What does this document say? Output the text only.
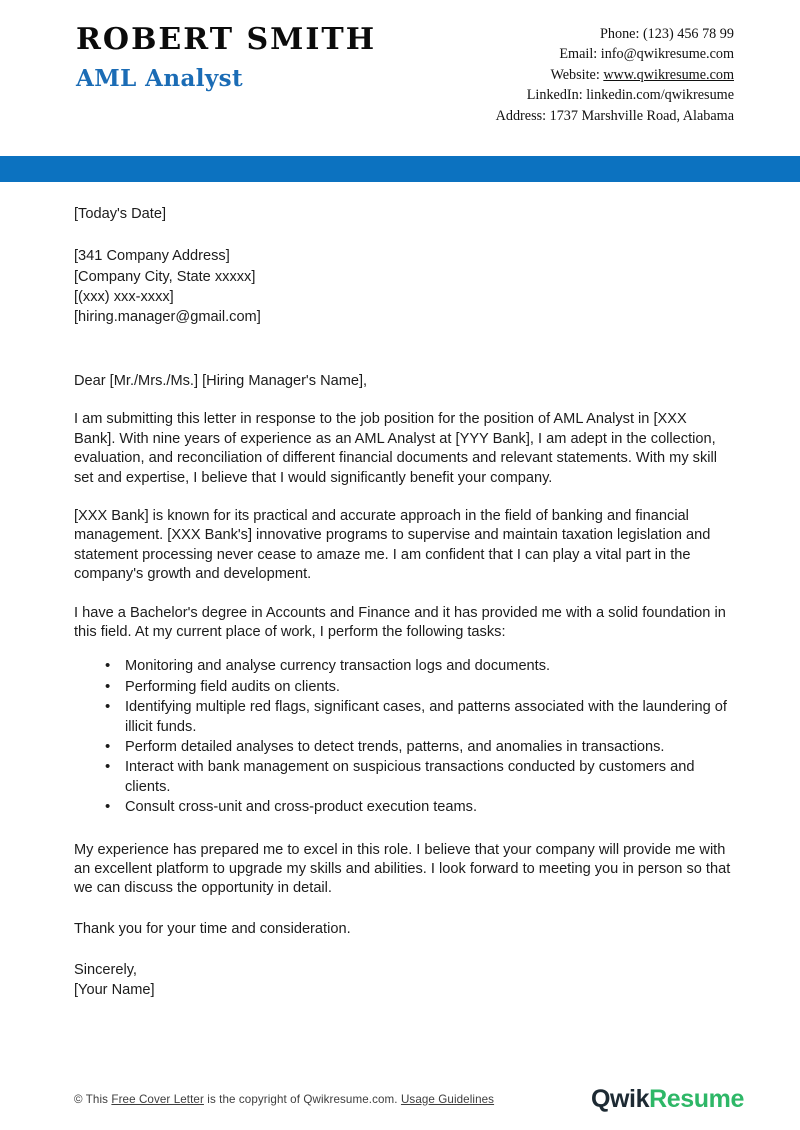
ROBERT SMITH
AML Analyst
Phone: (123) 456 78 99
Email: info@qwikresume.com
Website: www.qwikresume.com
LinkedIn: linkedin.com/qwikresume
Address: 1737 Marshville Road, Alabama
[Today's Date]
[341 Company Address]
[Company City, State xxxxx]
[(xxx) xxx-xxxx]
[hiring.manager@gmail.com]
Dear [Mr./Mrs./Ms.] [Hiring Manager's Name],
I am submitting this letter in response to the job position for the position of AML Analyst in [XXX Bank]. With nine years of experience as an AML Analyst at [YYY Bank], I am adept in the collection, evaluation, and reconciliation of different financial documents and relevant statements. With my skill set and expertise, I believe that I would significantly benefit your company.
[XXX Bank] is known for its practical and accurate approach in the field of banking and financial management. [XXX Bank's] innovative programs to supervise and maintain taxation legislation and statement processing never cease to amaze me. I am confident that I can play a vital part in the company's growth and development.
I have a Bachelor's degree in Accounts and Finance and it has provided me with a solid foundation in this field. At my current place of work, I perform the following tasks:
• Monitoring and analyse currency transaction logs and documents.
• Performing field audits on clients.
• Identifying multiple red flags, significant cases, and patterns associated with the laundering of illicit funds.
• Perform detailed analyses to detect trends, patterns, and anomalies in transactions.
• Interact with bank management on suspicious transactions conducted by customers and clients.
• Consult cross-unit and cross-product execution teams.
My experience has prepared me to excel in this role. I believe that your company will provide me with an excellent platform to upgrade my skills and abilities. I look forward to meeting you in person so that we can discuss the opportunity in detail.
Thank you for your time and consideration.
Sincerely,
[Your Name]
© This Free Cover Letter is the copyright of Qwikresume.com. Usage Guidelines	QwikResume
